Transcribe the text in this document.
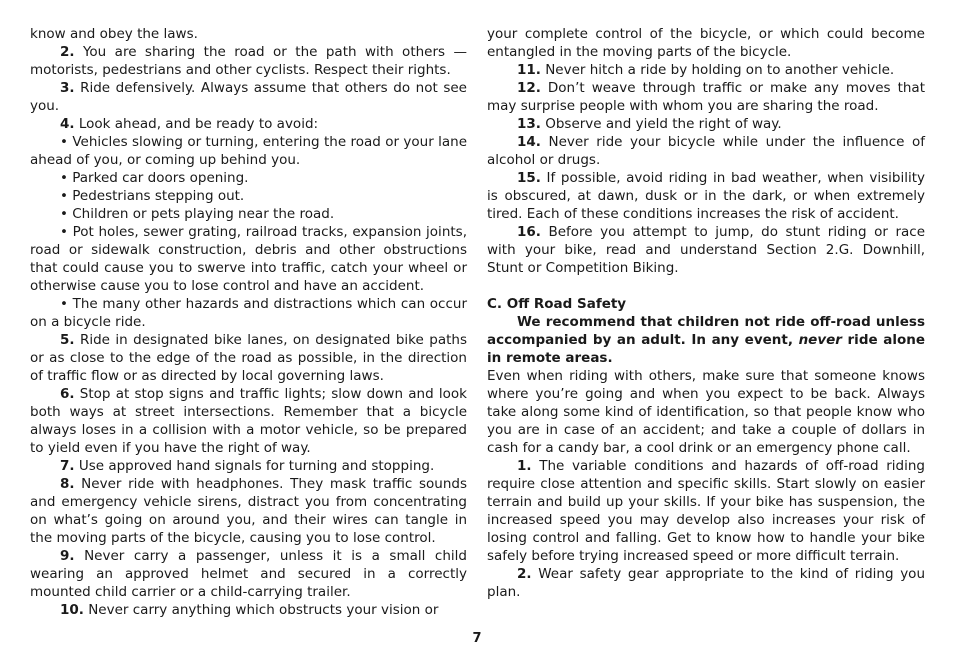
know and obey the laws.

2. You are sharing the road or the path with others — motorists, pedestrians and other cyclists. Respect their rights.

3. Ride defensively. Always assume that others do not see you.

4. Look ahead, and be ready to avoid:

• Vehicles slowing or turning, entering the road or your lane ahead of you, or coming up behind you.

• Parked car doors opening.

• Pedestrians stepping out.

• Children or pets playing near the road.

• Pot holes, sewer grating, railroad tracks, expansion joints, road or sidewalk construction, debris and other obstructions that could cause you to swerve into traffic, catch your wheel or otherwise cause you to lose control and have an accident.

• The many other hazards and distractions which can occur on a bicycle ride.

5. Ride in designated bike lanes, on designated bike paths or as close to the edge of the road as possible, in the direction of traffic flow or as directed by local governing laws.

6. Stop at stop signs and traffic lights; slow down and look both ways at street intersections. Remember that a bicycle always loses in a collision with a motor vehicle, so be prepared to yield even if you have the right of way.

7. Use approved hand signals for turning and stopping.

8. Never ride with headphones. They mask traffic sounds and emergency vehicle sirens, distract you from concentrating on what’s going on around you, and their wires can tangle in the moving parts of the bicycle, causing you to lose control.

9. Never carry a passenger, unless it is a small child wearing an approved helmet and secured in a correctly mounted child carrier or a child-carrying trailer.

10. Never carry anything which obstructs your vision or

your complete control of the bicycle, or which could become entangled in the moving parts of the bicycle.

11. Never hitch a ride by holding on to another vehicle.

12. Don’t weave through traffic or make any moves that may surprise people with whom you are sharing the road.

13. Observe and yield the right of way.

14. Never ride your bicycle while under the influence of alcohol or drugs.

15. If possible, avoid riding in bad weather, when visibility is obscured, at dawn, dusk or in the dark, or when extremely tired. Each of these conditions increases the risk of accident.

16. Before you attempt to jump, do stunt riding or race with your bike, read and understand Section 2.G. Downhill, Stunt or Competition Biking.

C. Off Road Safety

We recommend that children not ride off-road unless accompanied by an adult. In any event, never ride alone in remote areas.

Even when riding with others, make sure that someone knows where you’re going and when you expect to be back. Always take along some kind of identification, so that people know who you are in case of an accident; and take a couple of dollars in cash for a candy bar, a cool drink or an emergency phone call.

1. The variable conditions and hazards of off-road riding require close attention and specific skills. Start slowly on easier terrain and build up your skills. If your bike has suspension, the increased speed you may develop also increases your risk of losing control and falling. Get to know how to handle your bike safely before trying increased speed or more difficult terrain.

2. Wear safety gear appropriate to the kind of riding you plan.

7
